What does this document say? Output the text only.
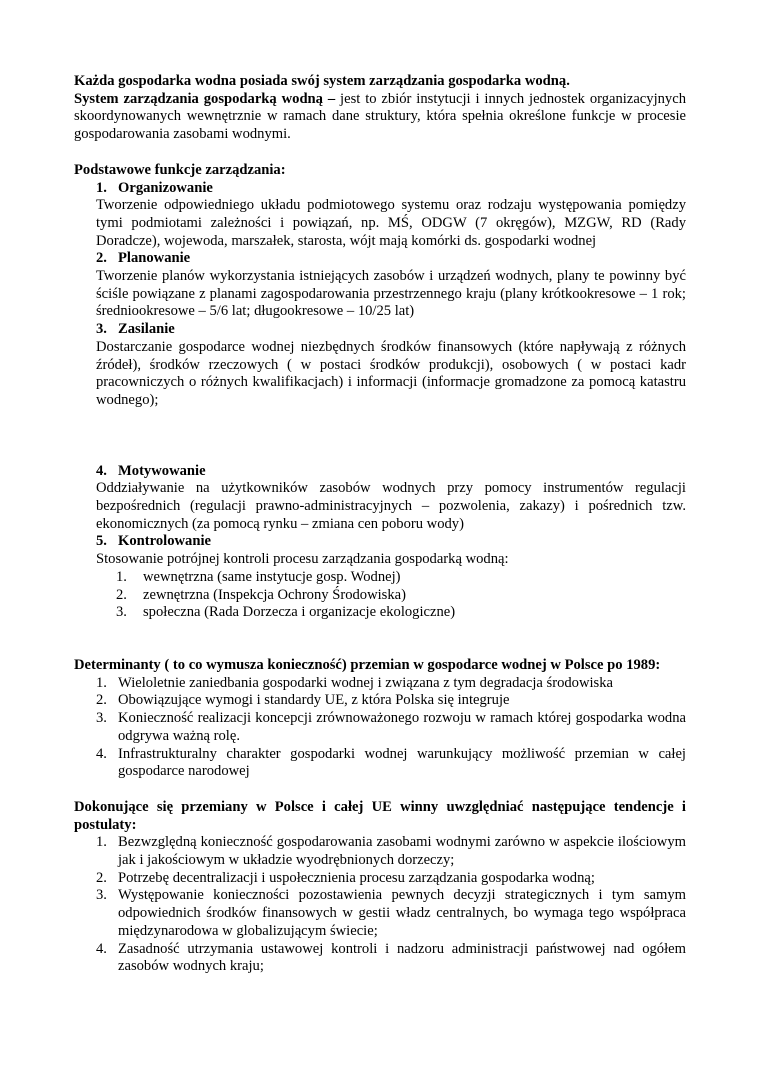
Każda gospodarka wodna posiada swój system zarządzania gospodarka wodną.

System zarządzania gospodarką wodną – jest to zbiór instytucji i innych jednostek organizacyjnych skoordynowanych wewnętrznie w ramach dane struktury, która spełnia określone funkcje w procesie gospodarowania zasobami wodnymi.

Podstawowe funkcje zarządzania:

1. Organizowanie

Tworzenie odpowiedniego układu podmiotowego systemu oraz rodzaju występowania pomiędzy tymi podmiotami zależności i powiązań, np. MŚ, ODGW (7 okręgów), MZGW, RD (Rady Doradcze), wojewoda, marszałek, starosta, wójt mają komórki ds. gospodarki wodnej

2. Planowanie

Tworzenie planów wykorzystania istniejących zasobów i urządzeń wodnych, plany te powinny być ściśle powiązane z planami zagospodarowania przestrzennego kraju (plany krótkookresowe – 1 rok; średniookresowe – 5/6 lat; długookresowe – 10/25 lat)

3. Zasilanie

Dostarczanie gospodarce wodnej niezbędnych środków finansowych (które napływają z różnych źródeł), środków rzeczowych ( w postaci środków produkcji), osobowych ( w postaci kadr pracowniczych o różnych kwalifikacjach) i informacji (informacje gromadzone za pomocą katastru wodnego);

4. Motywowanie

Oddziaływanie na użytkowników zasobów wodnych przy pomocy instrumentów regulacji bezpośrednich (regulacji prawno-administracyjnych – pozwolenia, zakazy) i pośrednich tzw. ekonomicznych (za pomocą rynku – zmiana cen poboru wody)

5. Kontrolowanie

Stosowanie potrójnej kontroli procesu zarządzania gospodarką wodną:

1.	wewnętrzna (same instytucje gosp. Wodnej)
2.	zewnętrzna (Inspekcja Ochrony Środowiska)
3.	społeczna (Rada Dorzecza i organizacje ekologiczne)

Determinanty ( to co wymusza konieczność) przemian w gospodarce wodnej w Polsce po 1989:

1. Wieloletnie zaniedbania gospodarki wodnej i związana z tym degradacja środowiska
2. Obowiązujące wymogi i standardy UE, z która Polska się integruje
3. Konieczność realizacji koncepcji zrównoważonego rozwoju w ramach której gospodarka wodna odgrywa ważną rolę.
4. Infrastrukturalny charakter gospodarki wodnej warunkujący możliwość przemian w całej gospodarce narodowej

Dokonujące się przemiany w Polsce i całej UE winny uwzględniać następujące tendencje i postulaty:

1. Bezwzględną konieczność gospodarowania zasobami wodnymi zarówno w aspekcie ilościowym jak i jakościowym w układzie wyodrębnionych dorzeczy;
2. Potrzebę decentralizacji i uspołecznienia procesu zarządzania gospodarka wodną;
3. Występowanie konieczności pozostawienia pewnych decyzji strategicznych i tym samym odpowiednich środków finansowych w gestii władz centralnych, bo wymaga tego współpraca międzynarodowa w globalizującym świecie;
4. Zasadność utrzymania ustawowej kontroli i nadzoru administracji państwowej nad ogółem zasobów wodnych kraju;
